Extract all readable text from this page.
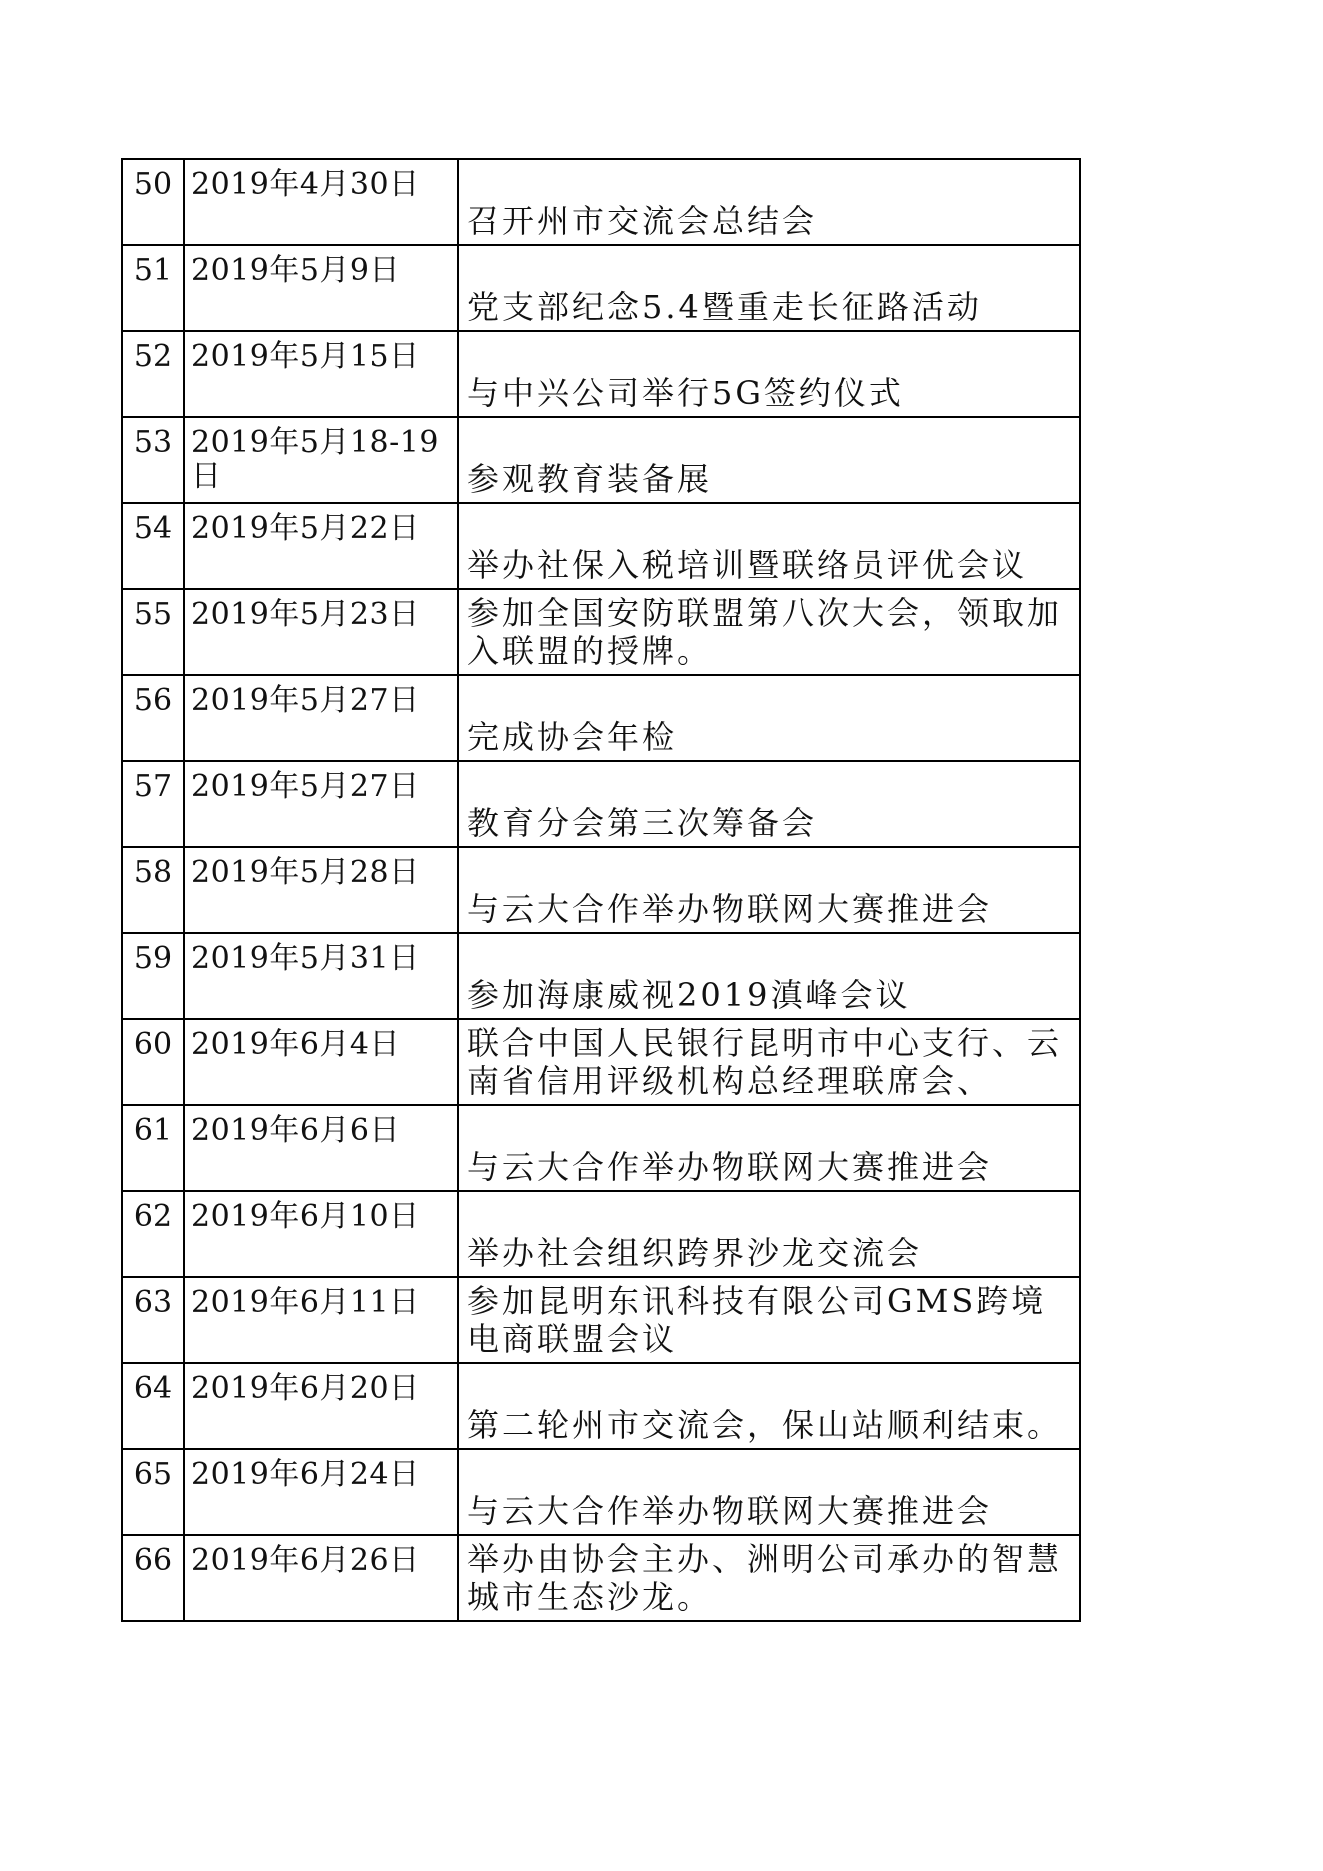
50	2019年4月30日	召开州市交流会总结会

51	2019年5月9日	党支部纪念5.4暨重走长征路活动

52	2019年5月15日	与中兴公司举行5G签约仪式

53	2019年5月18-19日	参观教育装备展

54	2019年5月22日	举办社保入税培训暨联络员评优会议

55	2019年5月23日	参加全国安防联盟第八次大会，领取加入联盟的授牌。

56	2019年5月27日	完成协会年检

57	2019年5月27日	教育分会第三次筹备会

58	2019年5月28日	与云大合作举办物联网大赛推进会

59	2019年5月31日	参加海康威视2019滇峰会议

60	2019年6月4日	联合中国人民银行昆明市中心支行、云南省信用评级机构总经理联席会、

61	2019年6月6日	与云大合作举办物联网大赛推进会

62	2019年6月10日	举办社会组织跨界沙龙交流会

63	2019年6月11日	参加昆明东讯科技有限公司GMS跨境电商联盟会议

64	2019年6月20日	第二轮州市交流会，保山站顺利结束。

65	2019年6月24日	与云大合作举办物联网大赛推进会

66	2019年6月26日	举办由协会主办、洲明公司承办的智慧城市生态沙龙。
